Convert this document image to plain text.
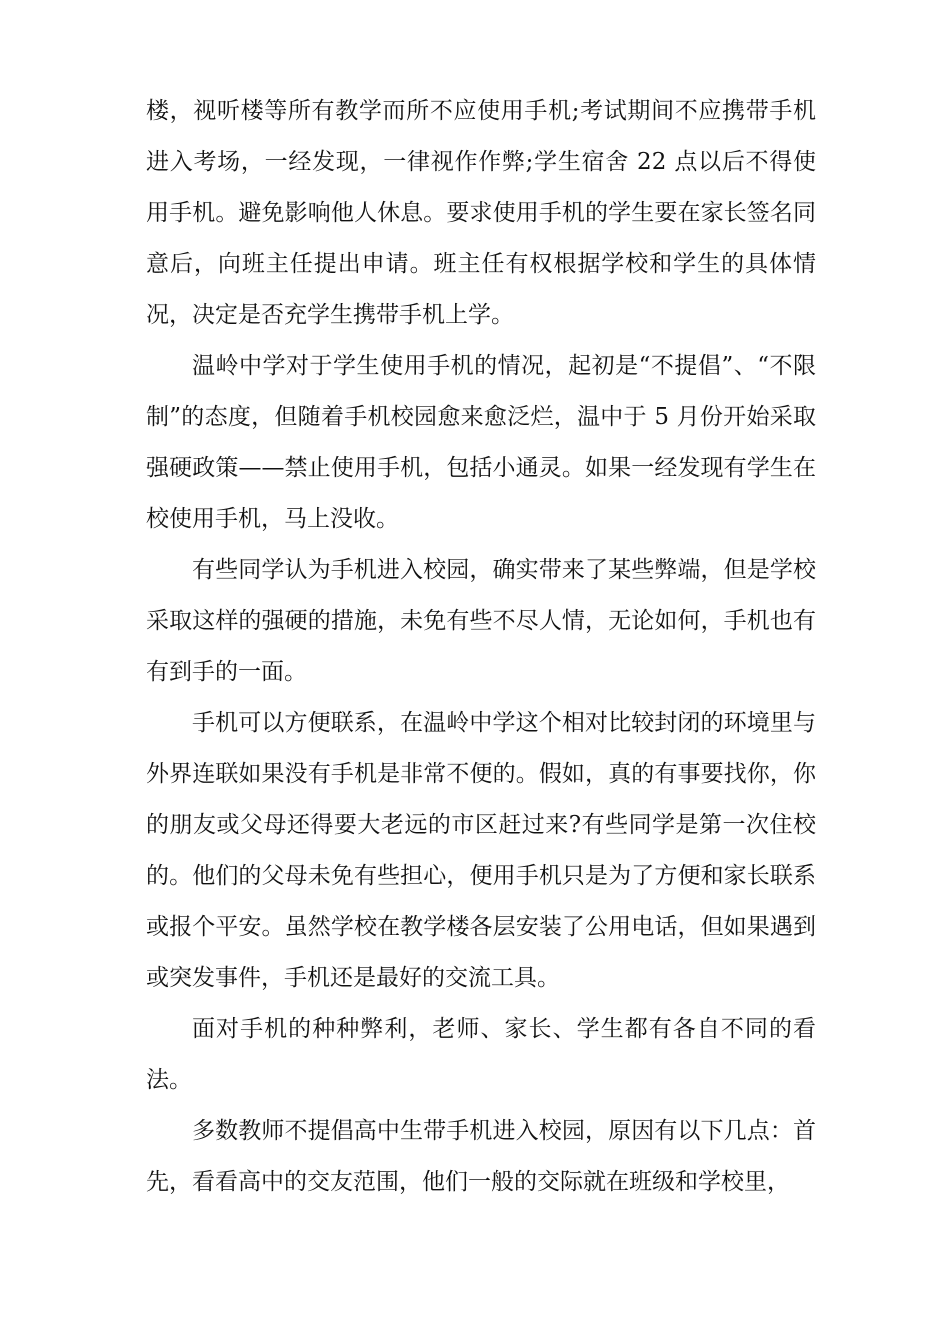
楼，视听楼等所有教学而所不应使用手机;考试期间不应携带手机进入考场，一经发现，一律视作作弊;学生宿舍 22 点以后不得使用手机。避免影响他人休息。要求使用手机的学生要在家长签名同意后，向班主任提出申请。班主任有权根据学校和学生的具体情况，决定是否充学生携带手机上学。

温岭中学对于学生使用手机的情况，起初是“不提倡”、“不限制”的态度，但随着手机校园愈来愈泛烂，温中于 5 月份开始采取强硬政策——禁止使用手机，包括小通灵。如果一经发现有学生在校使用手机，马上没收。

有些同学认为手机进入校园，确实带来了某些弊端，但是学校采取这样的强硬的措施，未免有些不尽人情，无论如何，手机也有有到手的一面。

手机可以方便联系，在温岭中学这个相对比较封闭的环境里与外界连联如果没有手机是非常不便的。假如，真的有事要找你，你的朋友或父母还得要大老远的市区赶过来?有些同学是第一次住校的。他们的父母未免有些担心，便用手机只是为了方便和家长联系或报个平安。虽然学校在教学楼各层安装了公用电话，但如果遇到或突发事件，手机还是最好的交流工具。

面对手机的种种弊利，老师、家长、学生都有各自不同的看法。

多数教师不提倡高中生带手机进入校园，原因有以下几点：首先，看看高中的交友范围，他们一般的交际就在班级和学校里，
